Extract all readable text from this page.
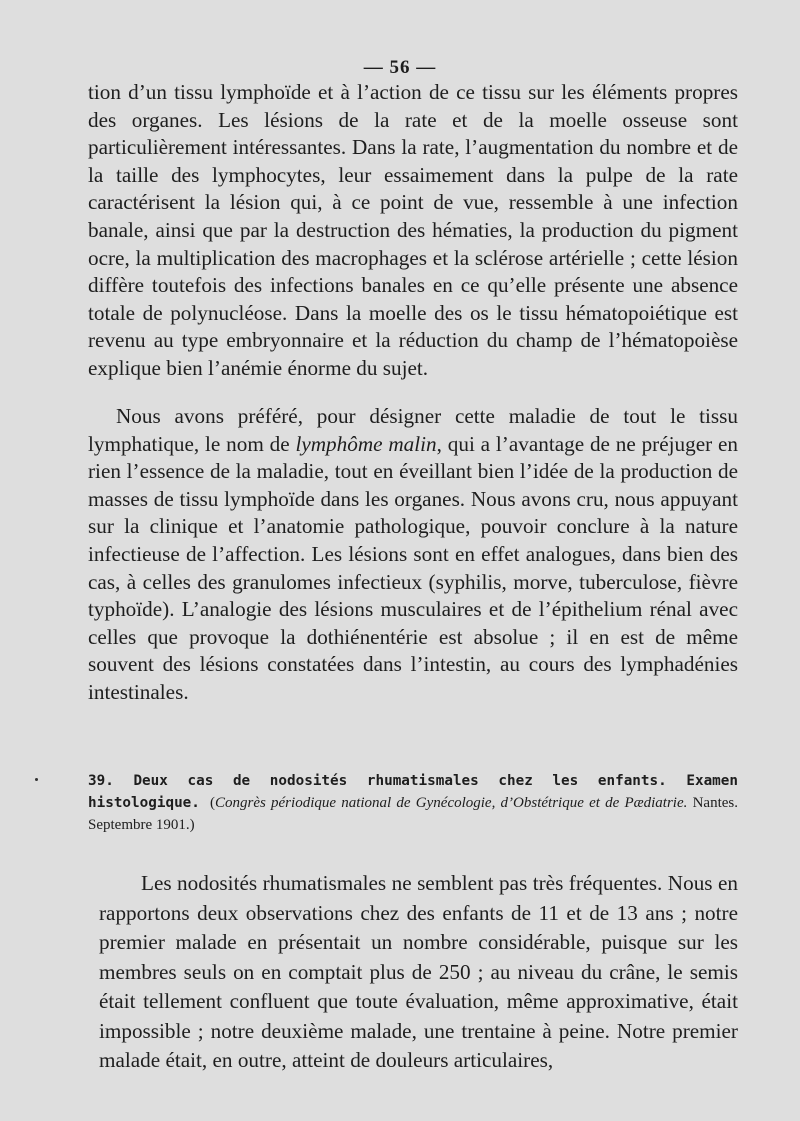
— 56 —

tion d’un tissu lymphoïde et à l’action de ce tissu sur les éléments propres des organes. Les lésions de la rate et de la moelle osseuse sont particulièrement intéressantes. Dans la rate, l’augmentation du nombre et de la taille des lymphocytes, leur essaimement dans la pulpe de la rate caractérisent la lésion qui, à ce point de vue, ressemble à une infection banale, ainsi que par la destruction des hématies, la production du pigment ocre, la multiplication des macrophages et la sclérose artérielle ; cette lésion diffère toutefois des infections banales en ce qu’elle présente une absence totale de polynucléose. Dans la moelle des os le tissu hématopoiétique est revenu au type embryonnaire et la réduction du champ de l’hématopoièse explique bien l’anémie énorme du sujet.

Nous avons préféré, pour désigner cette maladie de tout le tissu lymphatique, le nom de lymphôme malin, qui a l’avantage de ne préjuger en rien l’essence de la maladie, tout en éveillant bien l’idée de la production de masses de tissu lymphoïde dans les organes. Nous avons cru, nous appuyant sur la clinique et l’anatomie pathologique, pouvoir conclure à la nature infectieuse de l’affection. Les lésions sont en effet analogues, dans bien des cas, à celles des granulomes infectieux (syphilis, morve, tuberculose, fièvre typhoïde). L’analogie des lésions musculaires et de l’épithelium rénal avec celles que provoque la dothiénentérie est absolue ; il en est de même souvent des lésions constatées dans l’intestin, au cours des lymphadénies intestinales.

39. Deux cas de nodosités rhumatismales chez les enfants. Examen histologique. (Congrès périodique national de Gynécologie, d’Obstétrique et de Pædiatrie. Nantes. Septembre 1901.)

Les nodosités rhumatismales ne semblent pas très fréquentes. Nous en rapportons deux observations chez des enfants de 11 et de 13 ans ; notre premier malade en présentait un nombre considérable, puisque sur les membres seuls on en comptait plus de 250 ; au niveau du crâne, le semis était tellement confluent que toute évaluation, même approximative, était impossible ; notre deuxième malade, une trentaine à peine. Notre premier malade était, en outre, atteint de douleurs articulaires,
